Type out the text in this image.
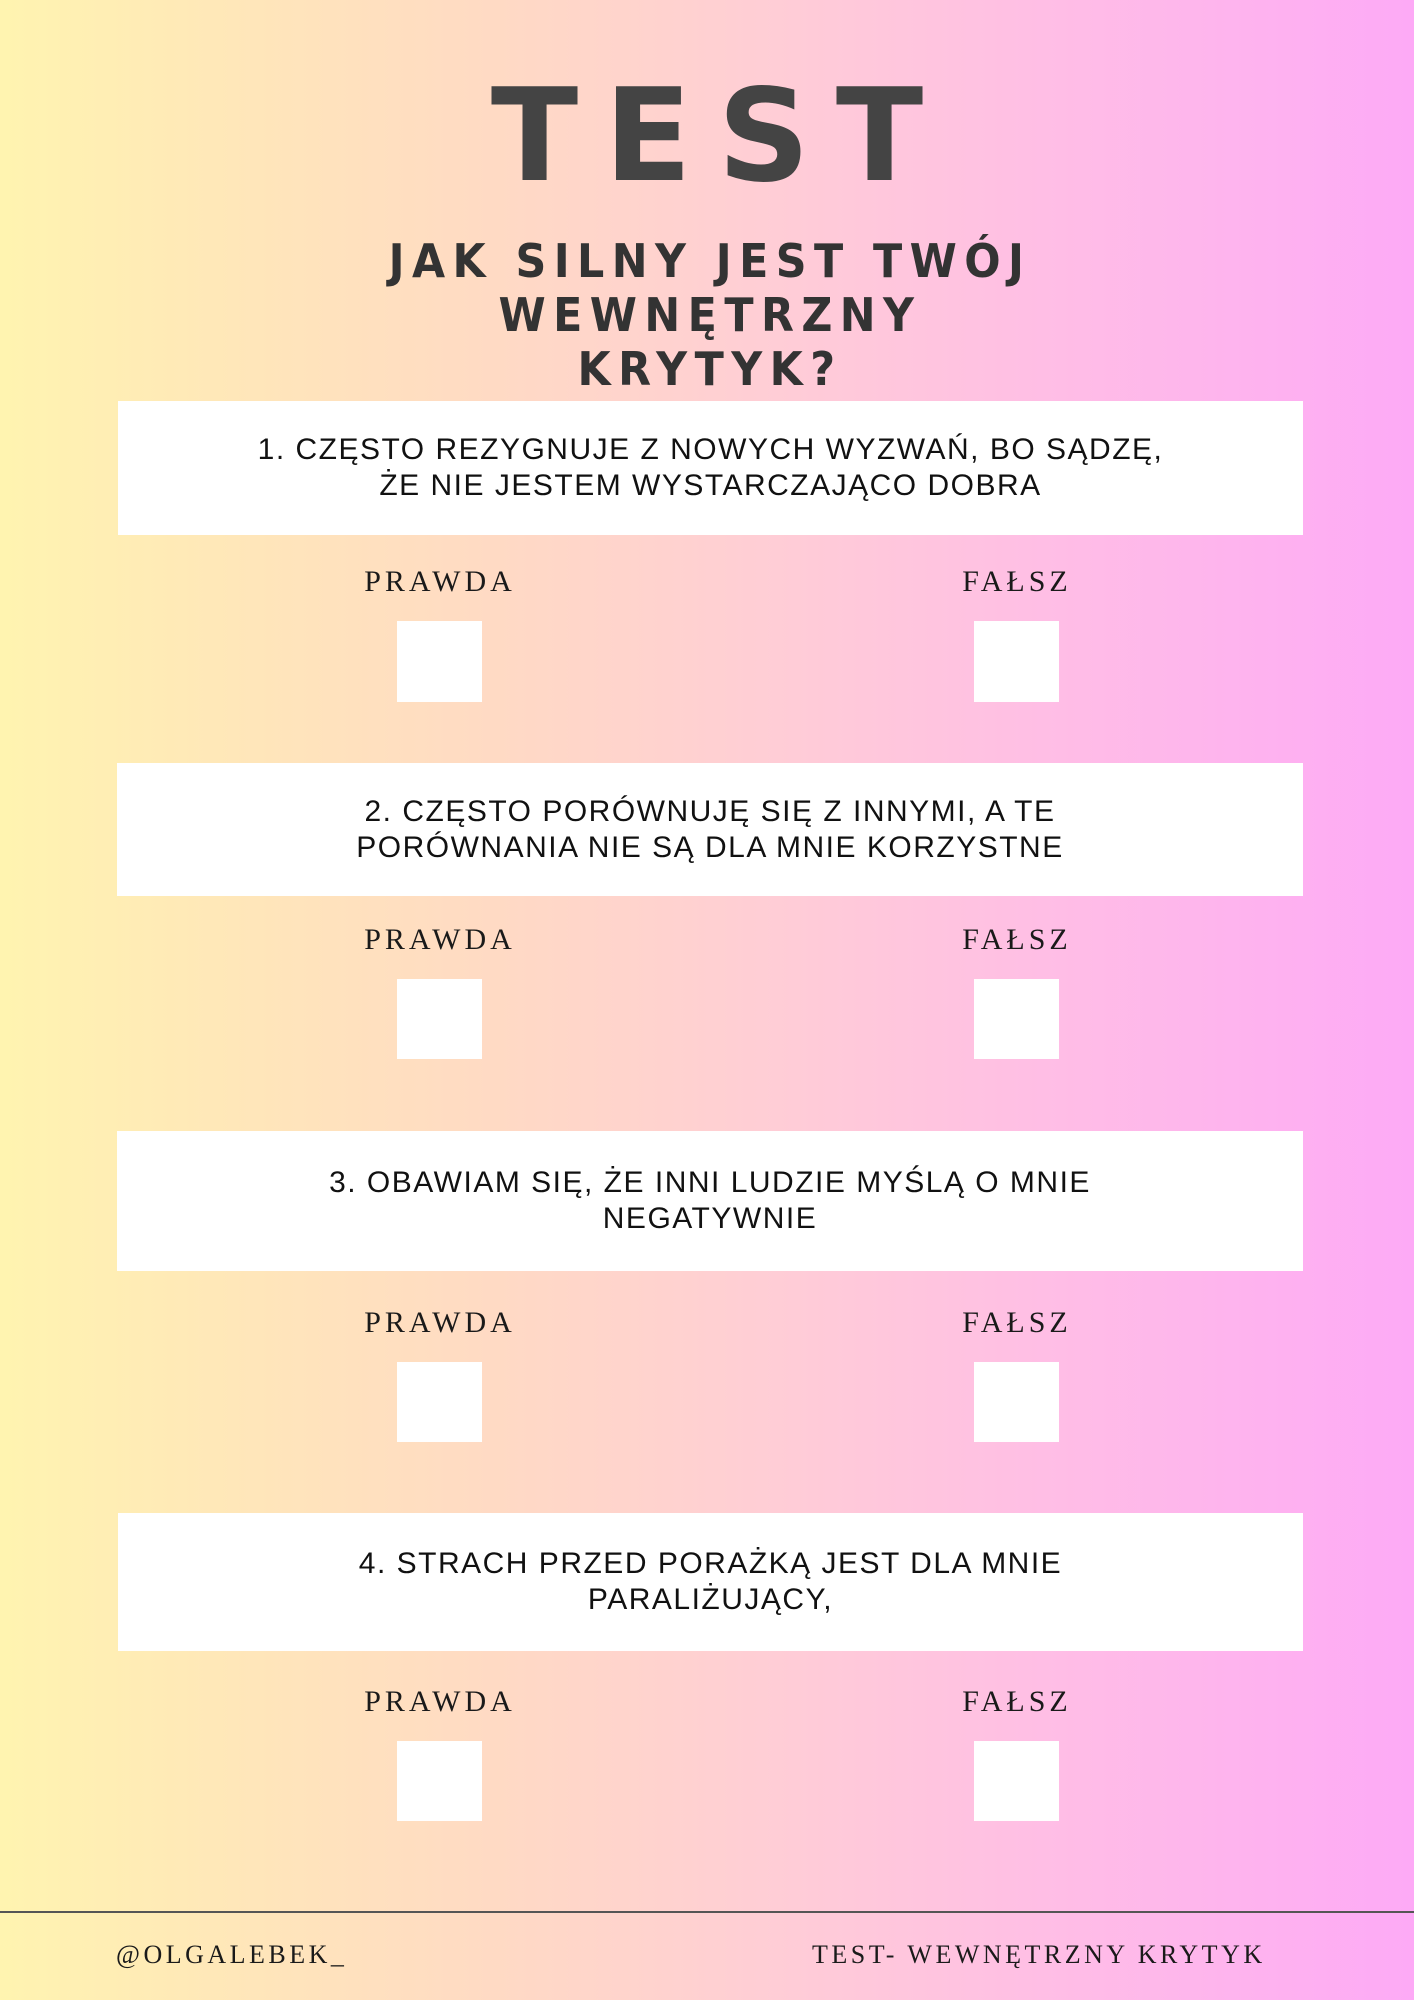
TEST
JAK SILNY JEST TWÓJ WEWNĘTRZNY
KRYTYK?
1. CZĘSTO REZYGNUJE Z NOWYCH WYZWAŃ, BO SĄDZĘ,
ŻE NIE JESTEM WYSTARCZAJĄCO DOBRA
PRAWDA	FAŁSZ
2. CZĘSTO PORÓWNUJĘ SIĘ Z INNYMI, A TE
PORÓWNANIA NIE SĄ DLA MNIE KORZYSTNE
PRAWDA	FAŁSZ
3. OBAWIAM SIĘ, ŻE INNI LUDZIE MYŚLĄ O MNIE
NEGATYWNIE
PRAWDA	FAŁSZ
4. STRACH PRZED PORAŻKĄ JEST DLA MNIE
PARALIŻUJĄCY,
PRAWDA	FAŁSZ
@OLGALEBEK_	TEST- WEWNĘTRZNY KRYTYK
